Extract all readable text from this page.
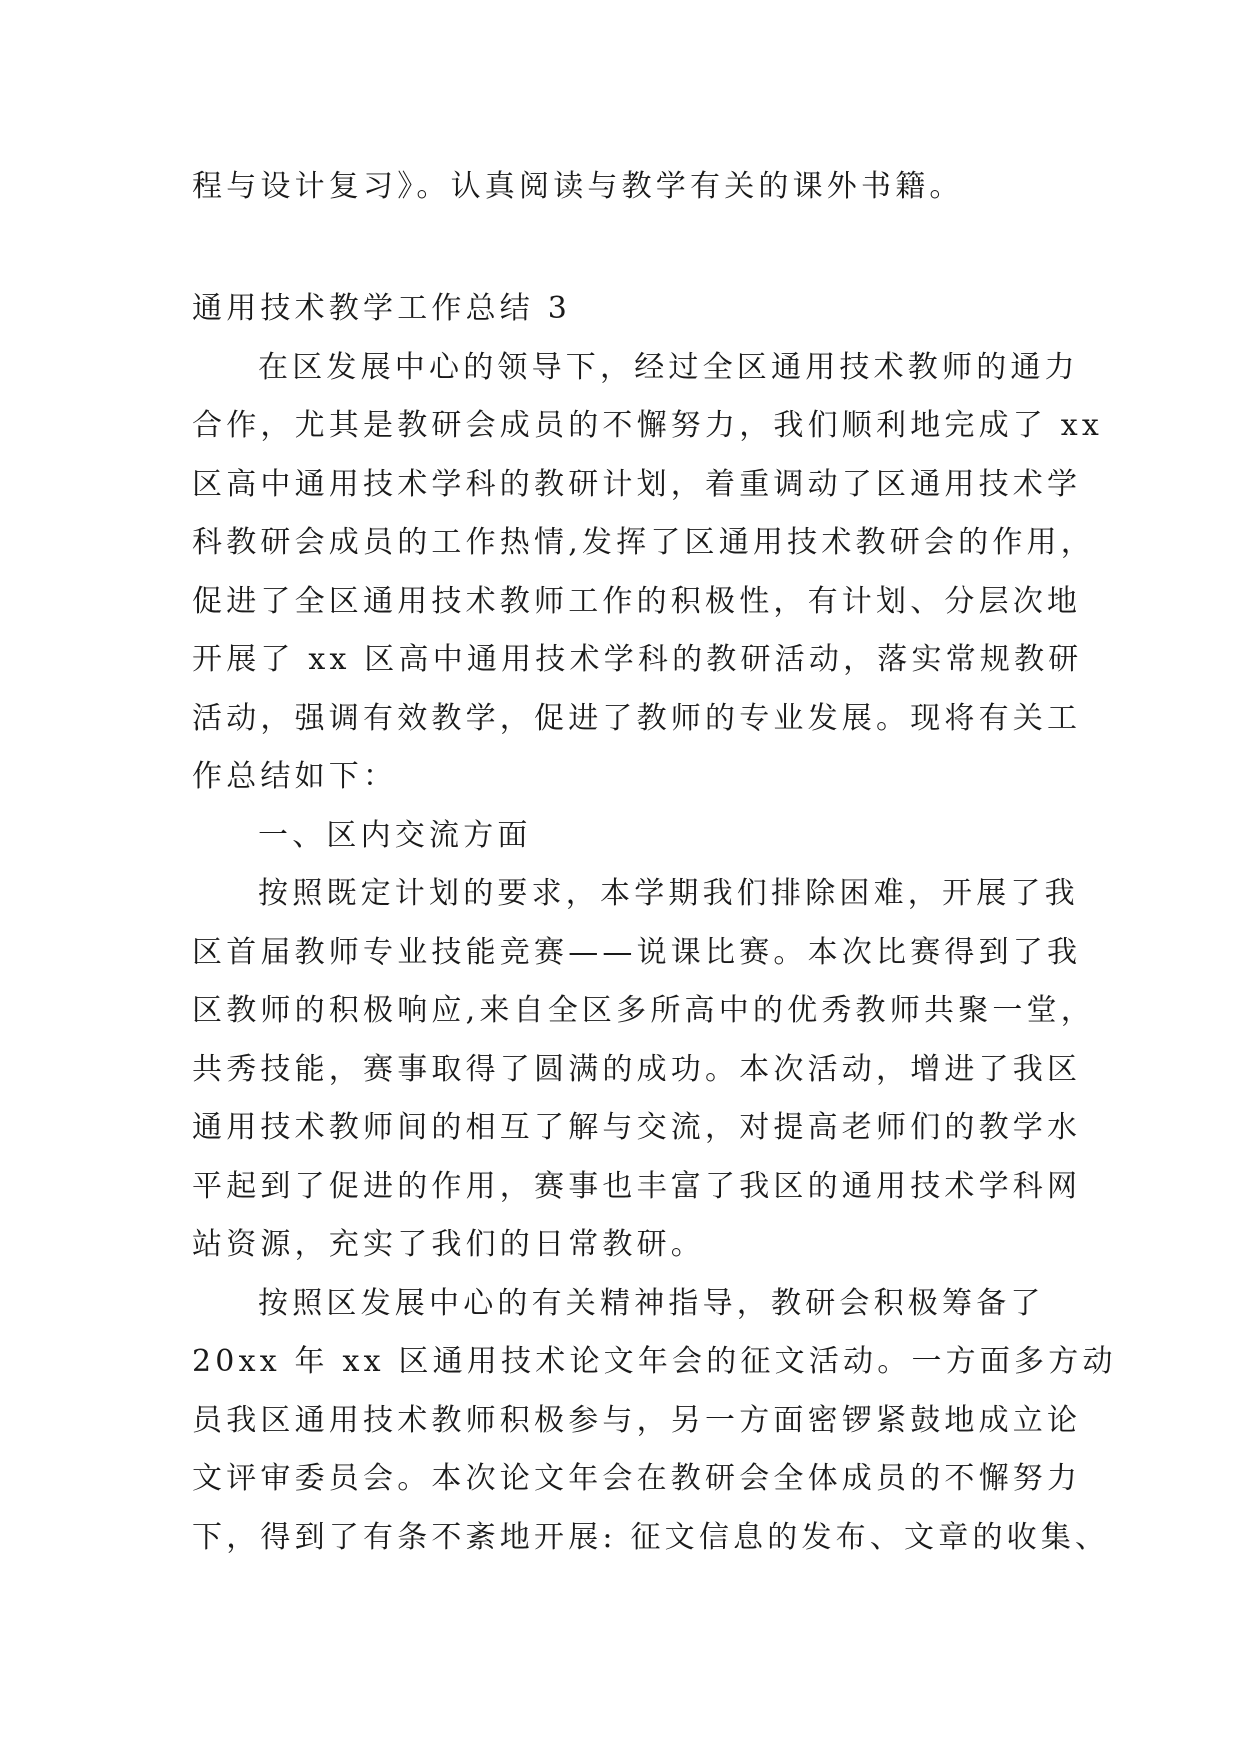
程与设计复习》。认真阅读与教学有关的课外书籍。
通用技术教学工作总结 3
在区发展中心的领导下，经过全区通用技术教师的通力
合作，尤其是教研会成员的不懈努力，我们顺利地完成了 xx
区高中通用技术学科的教研计划，着重调动了区通用技术学
科教研会成员的工作热情,发挥了区通用技术教研会的作用，
促进了全区通用技术教师工作的积极性，有计划、分层次地
开展了 xx 区高中通用技术学科的教研活动，落实常规教研
活动，强调有效教学，促进了教师的专业发展。现将有关工
作总结如下：
一、区内交流方面
按照既定计划的要求，本学期我们排除困难，开展了我
区首届教师专业技能竞赛——说课比赛。本次比赛得到了我
区教师的积极响应,来自全区多所高中的优秀教师共聚一堂，
共秀技能，赛事取得了圆满的成功。本次活动，增进了我区
通用技术教师间的相互了解与交流，对提高老师们的教学水
平起到了促进的作用，赛事也丰富了我区的通用技术学科网
站资源，充实了我们的日常教研。
按照区发展中心的有关精神指导，教研会积极筹备了
20xx 年 xx 区通用技术论文年会的征文活动。一方面多方动
员我区通用技术教师积极参与，另一方面密锣紧鼓地成立论
文评审委员会。本次论文年会在教研会全体成员的不懈努力
下，得到了有条不紊地开展: 征文信息的发布、文章的收集、
